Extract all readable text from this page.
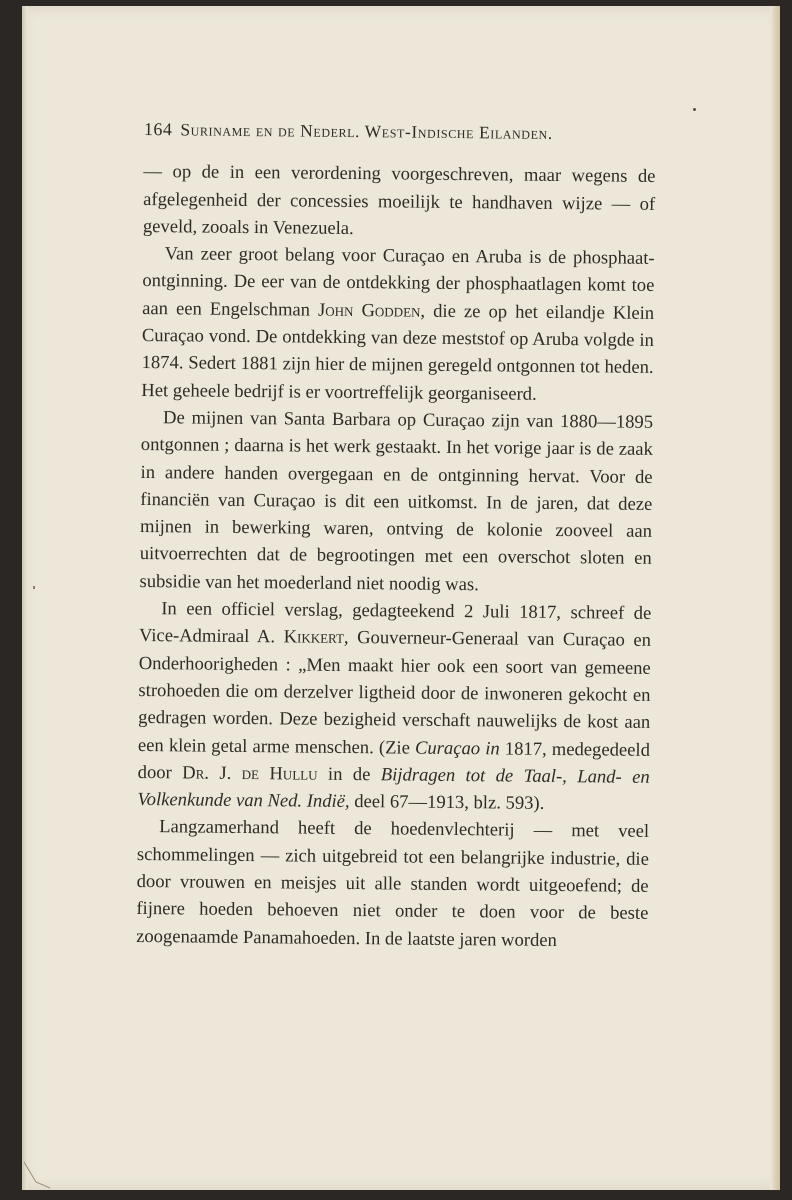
164 Suriname en de Nederl. West-Indische Eilanden.

— op de in een verordening voorgeschreven, maar wegens de afgelegenheid der concessies moeilijk te handhaven wijze — of geveld, zooals in Venezuela.

Van zeer groot belang voor Curaçao en Aruba is de phosphaat-ontginning. De eer van de ontdekking der phosphaatlagen komt toe aan een Engelschman John Godden, die ze op het eilandje Klein Curaçao vond. De ontdekking van deze meststof op Aruba volgde in 1874. Sedert 1881 zijn hier de mijnen geregeld ontgonnen tot heden. Het geheele bedrijf is er voortreffelijk georganiseerd.

De mijnen van Santa Barbara op Curaçao zijn van 1880—1895 ontgonnen ; daarna is het werk gestaakt. In het vorige jaar is de zaak in andere handen overgegaan en de ontginning hervat. Voor de financiën van Curaçao is dit een uitkomst. In de jaren, dat deze mijnen in bewerking waren, ontving de kolonie zooveel aan uitvoerrechten dat de begrootingen met een overschot sloten en subsidie van het moederland niet noodig was.

In een officiel verslag, gedagteekend 2 Juli 1817, schreef de Vice-Admiraal A. Kikkert, Gouverneur-Generaal van Curaçao en Onderhoorigheden : „Men maakt hier ook een soort van gemeene strohoeden die om derzelver ligtheid door de inwoneren gekocht en gedragen worden. Deze bezigheid verschaft nauwelijks de kost aan een klein getal arme menschen. (Zie Curaçao in 1817, medegedeeld door Dr. J. de Hullu in de Bijdragen tot de Taal-, Land- en Volkenkunde van Ned. Indië, deel 67—1913, blz. 593).

Langzamerhand heeft de hoedenvlechterij — met veel schommelingen — zich uitgebreid tot een belangrijke industrie, die door vrouwen en meisjes uit alle standen wordt uitgeoefend; de fijnere hoeden behoeven niet onder te doen voor de beste zoogenaamde Panamahoeden. In de laatste jaren worden
